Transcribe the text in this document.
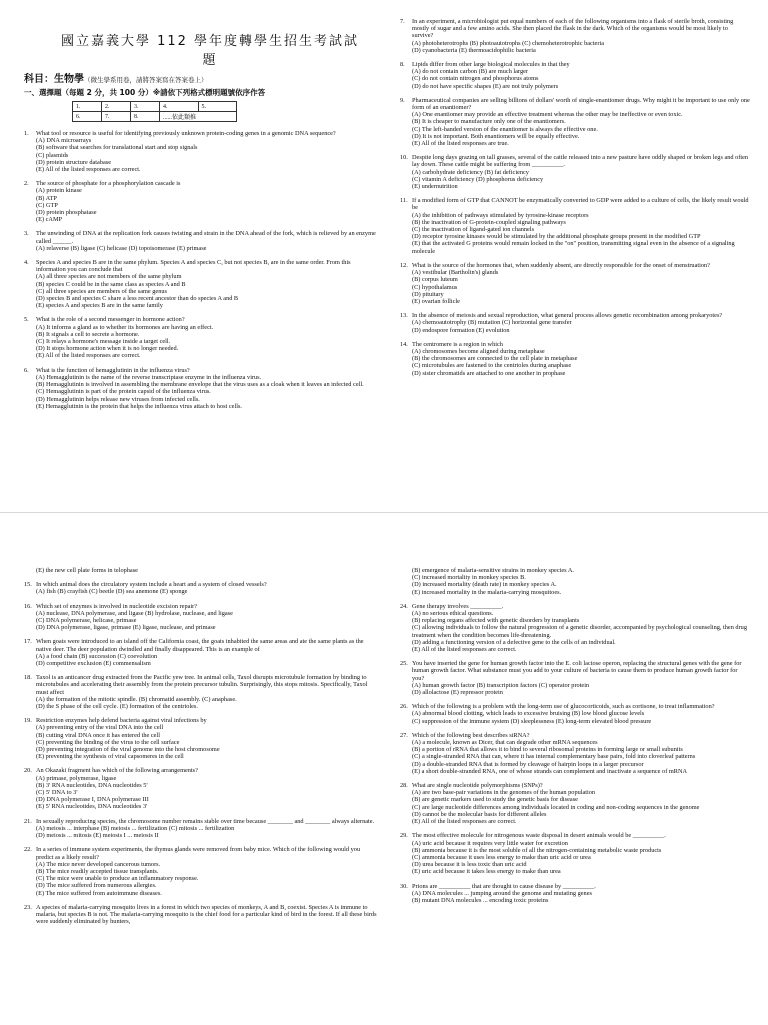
國立嘉義大學 112 學年度轉學生招生考試試題
科目：生物學（微生學系用卷，請將答案寫在答案卷上）
一、選擇題（每題 2 分，共 100 分）※請依下列格式標明題號依序作答
1.	2.	3.	4.	5.
6.	7.	8.	......依此類推	
1. What tool or resource is useful for identifying previously unknown protein-coding genes in a genomic DNA sequence?
(A) DNA microarrays
(B) software that searches for translational start and stop signals
(C) plasmids
(D) protein structure database
(E) All of the listed responses are correct.
2. The source of phosphate for a phosphorylation cascade is
(A) protein kinase
(B) ATP
(C) GTP
(D) protein phosphatase
(E) cAMP
3. The unwinding of DNA at the replication fork causes twisting and strain in the DNA ahead of the fork, which is relieved by an enzyme called ______.
(A) relaverse (B) ligase (C) helicase (D) topoisomerase (E) primase
4. Species A and species B are in the same phylum. Species A and species C, but not species B, are in the same order. From this information you can conclude that
(A) all three species are not members of the same phylum
(B) species C could be in the same class as species A and B
(C) all three species are members of the same genus
(D) species B and species C share a less recent ancestor than do species A and B
(E) species A and species B are in the same family
5. What is the role of a second messenger in hormone action?
(A) It informs a gland as to whether its hormones are having an effect.
(B) It signals a cell to secrete a hormone.
(C) It relays a hormone's message inside a target cell.
(D) It stops hormone action when it is no longer needed.
(E) All of the listed responses are correct.
6. What is the function of hemagglutinin in the influenza virus?
(A) Hemagglutinin is the name of the reverse transcriptase enzyme in the influenza virus.
(B) Hemagglutinin is involved in assembling the membrane envelope that the virus uses as a cloak when it leaves an infected cell.
(C) Hemagglutinin is part of the protein capsid of the influenza virus.
(D) Hemagglutinin helps release new viruses from infected cells.
(E) Hemagglutinin is the protein that helps the influenza virus attach to host cells.
7. In an experiment, a microbiologist put equal numbers of each of the following organisms into a flask of sterile broth, consisting mostly of sugar and a few amino acids. She then placed the flask in the dark. Which of the organisms would be most likely to survive?
(A) photoheterotrophs (B) photoautotrophs (C) chemoheterotrophic bacteria
(D) cyanobacteria (E) thermoacidophilic bacteria
8. Lipids differ from other large biological molecules in that they
(A) do not contain carbon (B) are much larger
(C) do not contain nitrogen and phosphorus atoms
(D) do not have specific shapes (E) are not truly polymers
9. Pharmaceutical companies are selling billions of dollars' worth of single-enantiomer drugs. Why might it be important to use only one form of an enantiomer?
(A) One enantiomer may provide an effective treatment whereas the other may be ineffective or even toxic.
(B) It is cheaper to manufacture only one of the enantiomers.
(C) The left-handed version of the enantiomer is always the effective one.
(D) It is not important. Both enantiomers will be equally effective.
(E) All of the listed responses are true.
10. Despite long days grazing on tall grasses, several of the cattle released into a new pasture have oddly shaped or broken legs and often lay down. These cattle might be suffering from __________.
(A) carbohydrate deficiency (B) fat deficiency
(C) vitamin A deficiency (D) phosphorus deficiency
(E) undernutrition
11. If a modified form of GTP that CANNOT be enzymatically converted to GDP were added to a culture of cells, the likely result would be
(A) the inhibition of pathways stimulated by tyrosine-kinase receptors
(B) the inactivation of G-protein-coupled signaling pathways
(C) the inactivation of ligand-gated ion channels
(D) receptor tyrosine kinases would be stimulated by the additional phosphate groups present in the modified GTP
(E) that the activated G proteins would remain locked in the "on" position, transmitting signal even in the absence of a signaling molecule
12. What is the source of the hormones that, when suddenly absent, are directly responsible for the onset of menstruation?
(A) vestibular (Bartholin's) glands
(B) corpus luteum
(C) hypothalamus
(D) pituitary
(E) ovarian follicle
13. In the absence of meiosis and sexual reproduction, what general process allows genetic recombination among prokaryotes?
(A) chemoautotrophy (B) mutation (C) horizontal gene transfer
(D) endospore formation (E) evolution
14. The centromere is a region in which
(A) chromosomes become aligned during metaphase
(B) the chromosomes are connected to the cell plate in metaphase
(C) microtubules are fastened to the centrioles during anaphase
(D) sister chromatids are attached to one another in prophase
(E) the new cell plate forms in telophase
15. In which animal does the circulatory system include a heart and a system of closed vessels?
(A) fish (B) crayfish (C) beetle (D) sea anemone (E) sponge
16. Which set of enzymes is involved in nucleotide excision repair?
(A) nuclease, DNA polymerase, and ligase (B) hydrolase, nuclease, and ligase
(C) DNA polymerase, helicase, primase
(D) DNA polymerase, ligase, primase (E) ligase, nuclease, and primase
17. When goats were introduced to an island off the California coast, the goats inhabited the same areas and ate the same plants as the native deer. The deer population dwindled and finally disappeared. This is an example of
(A) a food chain (B) succession (C) coevolution
(D) competitive exclusion (E) commensalism
18. Taxol is an anticancer drug extracted from the Pacific yew tree. In animal cells, Taxol disrupts microtubule formation by binding to microtubules and accelerating their assembly from the protein precursor tubulin. Surprisingly, this stops mitosis. Specifically, Taxol must affect
(A) the formation of the mitotic spindle. (B) chromatid assembly. (C) anaphase.
(D) the S phase of the cell cycle. (E) formation of the centrioles.
19. Restriction enzymes help defend bacteria against viral infections by
(A) preventing entry of the viral DNA into the cell
(B) cutting viral DNA once it has entered the cell
(C) preventing the binding of the virus to the cell surface
(D) preventing integration of the viral genome into the host chromosome
(E) preventing the synthesis of viral capsomeres in the cell
20. An Okazaki fragment has which of the following arrangements?
(A) primase, polymerase, ligase
(B) 3' RNA nucleotides, DNA nucleotides 5'
(C) 5' DNA to 3'
(D) DNA polymerase I, DNA polymerase III
(E) 5' RNA nucleotides, DNA nucleotides 3'
21. In sexually reproducing species, the chromosome number remains stable over time because ________ and ________ always alternate.
(A) meiosis ... interphase (B) meiosis ... fertilization (C) mitosis ... fertilization
(D) meiosis ... mitosis (E) meiosis I ... meiosis II
22. In a series of immune system experiments, the thymus glands were removed from baby mice. Which of the following would you predict as a likely result?
(A) The mice never developed cancerous tumors.
(B) The mice readily accepted tissue transplants.
(C) The mice were unable to produce an inflammatory response.
(D) The mice suffered from numerous allergies.
(E) The mice suffered from autoimmune diseases.
23. A species of malaria-carrying mosquito lives in a forest in which two species of monkeys, A and B, coexist. Species A is immune to malaria, but species B is not. The malaria-carrying mosquito is the chief food for a particular kind of bird in the forest. If all these birds were suddenly eliminated by hunters,
(B) emergence of malaria-sensitive strains in monkey species A.
(C) increased mortality in monkey species B.
(D) increased mortality (death rate) in monkey species A.
(E) increased mortality in the malaria-carrying mosquitoes.
24. Gene therapy involves __________.
(A) no serious ethical questions.
(B) replacing organs affected with genetic disorders by transplants
(C) allowing individuals to follow the natural progression of a genetic disorder, accompanied by psychological counseling, then drug treatment when the condition becomes life-threatening.
(D) adding a functioning version of a defective gene to the cells of an individual.
(E) All of the listed responses are correct.
25. You have inserted the gene for human growth factor into the E. coli lactose operon, replacing the structural genes with the gene for human growth factor. What substance must you add to your culture of bacteria to cause them to produce human growth factor for you?
(A) human growth factor (B) transcription factors (C) operator protein
(D) allolactose (E) repressor protein
26. Which of the following is a problem with the long-term use of glucocorticoids, such as cortisone, to treat inflammation?
(A) abnormal blood clotting, which leads to excessive bruising (B) low blood glucose levels
(C) suppression of the immune system (D) sleeplessness (E) long-term elevated blood pressure
27. Which of the following best describes siRNA?
(A) a molecule, known as Dicer, that can degrade other mRNA sequences
(B) a portion of rRNA that allows it to bind to several ribosomal proteins in forming large or small subunits
(C) a single-stranded RNA that can, where it has internal complementary base pairs, fold into cloverleaf patterns
(D) a double-stranded RNA that is formed by cleavage of hairpin loops in a larger precursor
(E) a short double-stranded RNA, one of whose strands can complement and inactivate a sequence of mRNA
28. What are single nucleotide polymorphisms (SNPs)?
(A) are two base-pair variations in the genomes of the human population
(B) are genetic markers used to study the genetic basis for disease
(C) are large nucleotide differences among individuals located in coding and non-coding sequences in the genome
(D) cannot be the molecular basis for different alleles
(E) All of the listed responses are correct.
29. The most effective molecule for nitrogenous waste disposal in desert animals would be __________.
(A) uric acid because it requires very little water for excretion
(B) ammonia because it is the most soluble of all the nitrogen-containing metabolic waste products
(C) ammonia because it uses less energy to make than uric acid or urea
(D) urea because it is less toxic than uric acid
(E) uric acid because it takes less energy to make than urea
30. Prions are __________ that are thought to cause disease by __________.
(A) DNA molecules ... jumping around the genome and mutating genes
(B) mutant DNA molecules ... encoding toxic proteins
